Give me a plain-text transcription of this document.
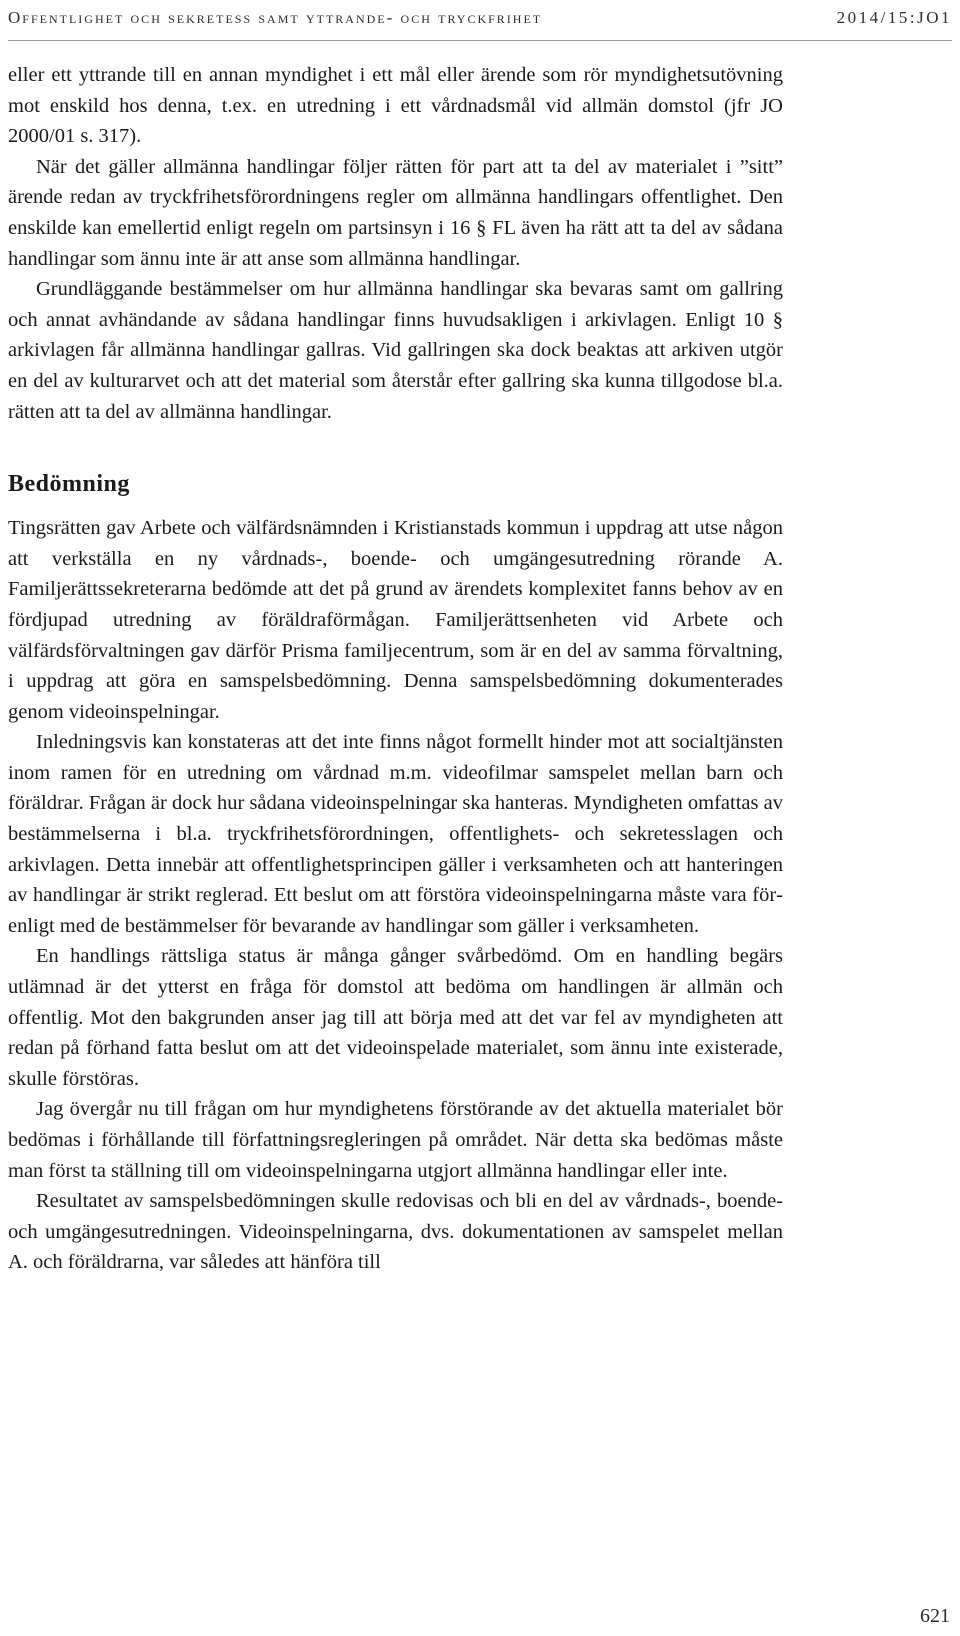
Offentlighet och sekretess samt yttrande- och tryckfrihet	2014/15:JO1

eller ett yttrande till en annan myndighet i ett mål eller ärende som rör myndighetsutövning mot enskild hos denna, t.ex. en utredning i ett vårdnadsmål vid allmän domstol (jfr JO 2000/01 s. 317).

När det gäller allmänna handlingar följer rätten för part att ta del av materialet i ”sitt” ärende redan av tryckfrihetsförordningens regler om allmänna handlingars offentlighet. Den enskilde kan emellertid enligt regeln om partsinsyn i 16 § FL även ha rätt att ta del av sådana handlingar som ännu inte är att anse som allmänna handlingar.

Grundläggande bestämmelser om hur allmänna handlingar ska bevaras samt om gallring och annat avhändande av sådana handlingar finns huvudsakligen i arkivlagen. Enligt 10 § arkivlagen får allmänna handlingar gallras. Vid gallringen ska dock beaktas att arkiven utgör en del av kulturarvet och att det material som återstår efter gallring ska kunna tillgodose bl.a. rätten att ta del av allmänna handlingar.

Bedömning

Tingsrätten gav Arbete och välfärdsnämnden i Kristianstads kommun i uppdrag att utse någon att verkställa en ny vårdnads-, boende- och umgängesutredning rörande A. Familjerättssekreterarna bedömde att det på grund av ärendets komplexitet fanns behov av en fördjupad utredning av föräldraförmågan. Familjerättsenheten vid Arbete och välfärdsförvaltningen gav därför Prisma familjecentrum, som är en del av samma förvaltning, i uppdrag att göra en samspelsbedömning. Denna samspelsbedömning dokumenterades genom videoinspelningar.

Inledningsvis kan konstateras att det inte finns något formellt hinder mot att socialtjänsten inom ramen för en utredning om vårdnad m.m. videofilmar samspelet mellan barn och föräldrar. Frågan är dock hur sådana videoinspelningar ska hanteras. Myndigheten omfattas av bestämmelserna i bl.a. tryckfrihetsförordningen, offentlighets- och sekretesslagen och arkivlagen. Detta innebär att offentlighetsprincipen gäller i verksamheten och att hanteringen av handlingar är strikt reglerad. Ett beslut om att förstöra videoinspelningarna måste vara förenligt med de bestämmelser för bevarande av handlingar som gäller i verksamheten.

En handlings rättsliga status är många gånger svårbedömd. Om en handling begärs utlämnad är det ytterst en fråga för domstol att bedöma om handlingen är allmän och offentlig. Mot den bakgrunden anser jag till att börja med att det var fel av myndigheten att redan på förhand fatta beslut om att det videoinspelade materialet, som ännu inte existerade, skulle förstöras.

Jag övergår nu till frågan om hur myndighetens förstörande av det aktuella materialet bör bedömas i förhållande till författningsregleringen på området. När detta ska bedömas måste man först ta ställning till om videoinspelningarna utgjort allmänna handlingar eller inte.

Resultatet av samspelsbedömningen skulle redovisas och bli en del av vårdnads-, boende- och umgängesutredningen. Videoinspelningarna, dvs. dokumentationen av samspelet mellan A. och föräldrarna, var således att hänföra till

621
